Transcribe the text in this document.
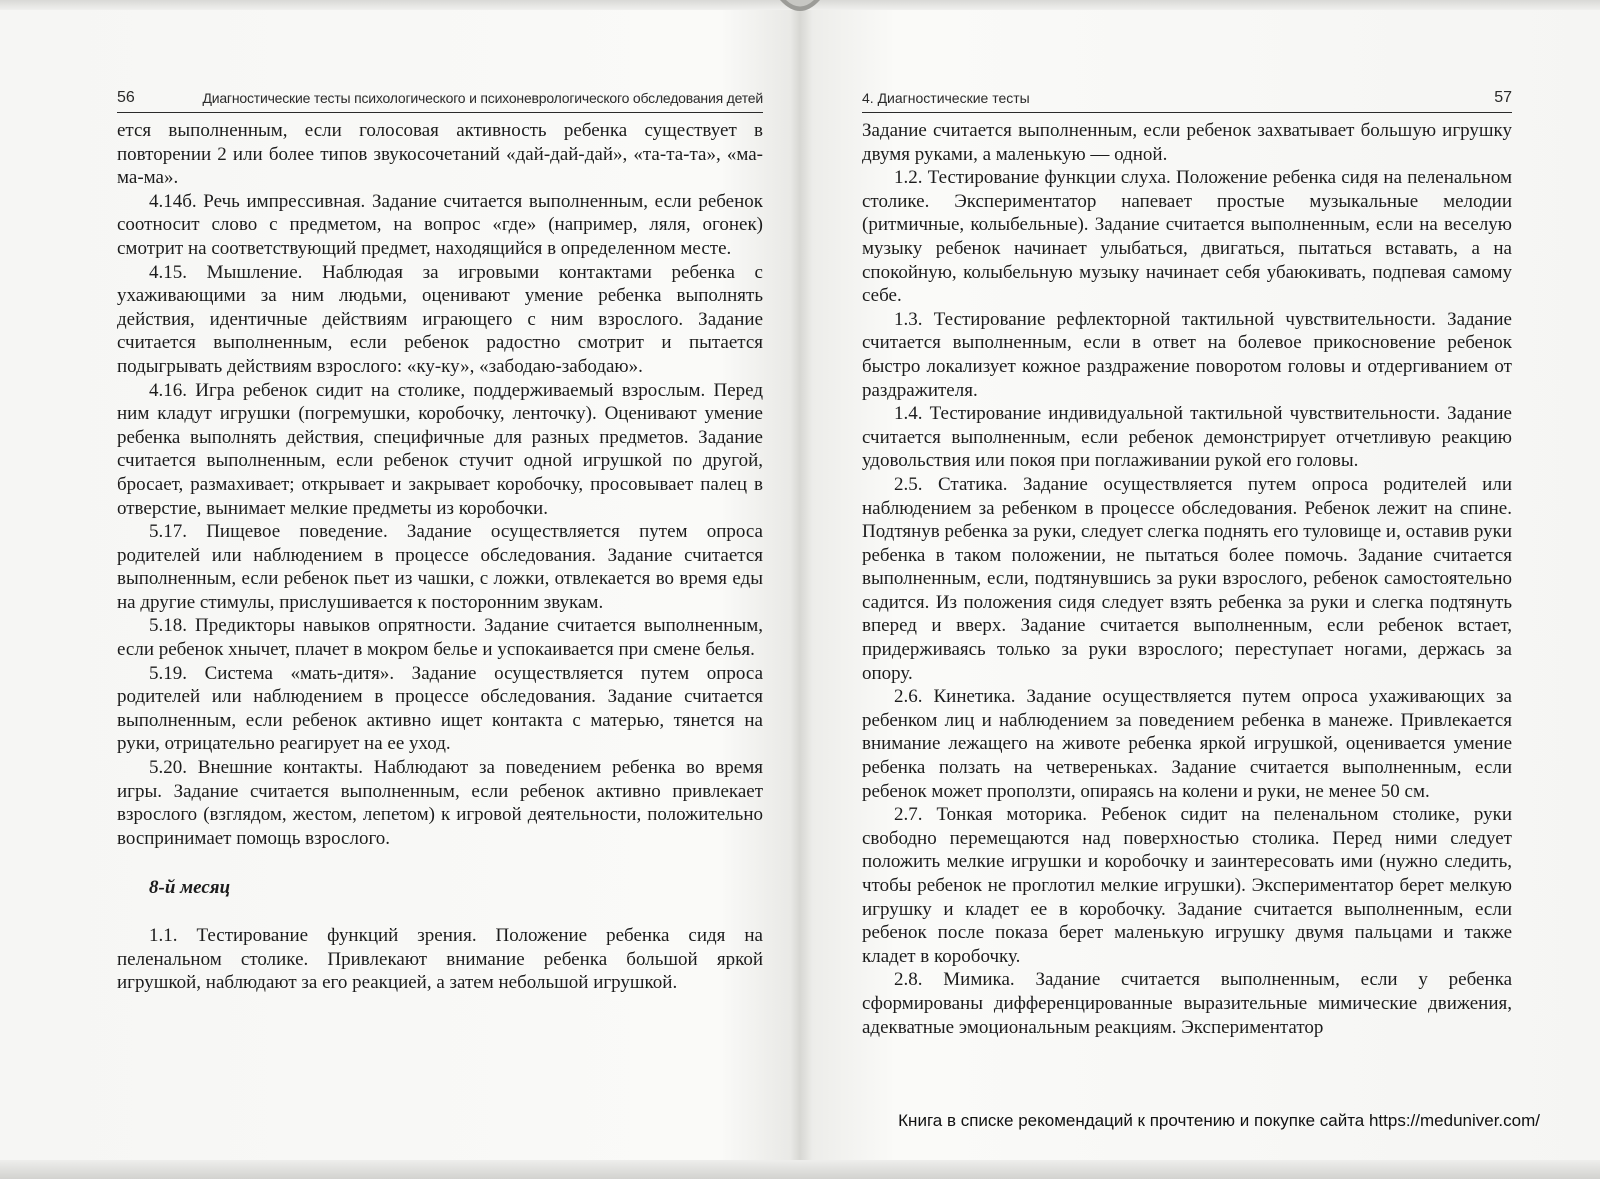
56	Диагностические тесты психологического и психоневрологического обследования детей

ется выполненным, если голосовая активность ребенка существует в повторении 2 или более типов звукосочетаний «дай-дай-дай», «та-та-та», «ма-ма-ма».

4.14б. Речь импрессивная. Задание считается выполненным, если ребенок соотносит слово с предметом, на вопрос «где» (например, ляля, огонек) смотрит на соответствующий предмет, находящийся в определенном месте.

4.15. Мышление. Наблюдая за игровыми контактами ребенка с ухаживающими за ним людьми, оценивают умение ребенка выполнять действия, идентичные действиям играющего с ним взрослого. Задание считается выполненным, если ребенок радостно смотрит и пытается подыгрывать действиям взрослого: «ку-ку», «забодаю-забодаю».

4.16. Игра ребенок сидит на столике, поддерживаемый взрослым. Перед ним кладут игрушки (погремушки, коробочку, ленточку). Оценивают умение ребенка выполнять действия, специфичные для разных предметов. Задание считается выполненным, если ребенок стучит одной игрушкой по другой, бросает, размахивает; открывает и закрывает коробочку, просовывает палец в отверстие, вынимает мелкие предметы из коробочки.

5.17. Пищевое поведение. Задание осуществляется путем опроса родителей или наблюдением в процессе обследования. Задание считается выполненным, если ребенок пьет из чашки, с ложки, отвлекается во время еды на другие стимулы, прислушивается к посторонним звукам.

5.18. Предикторы навыков опрятности. Задание считается выполненным, если ребенок хнычет, плачет в мокром белье и успокаивается при смене белья.

5.19. Система «мать-дитя». Задание осуществляется путем опроса родителей или наблюдением в процессе обследования. Задание считается выполненным, если ребенок активно ищет контакта с матерью, тянется на руки, отрицательно реагирует на ее уход.

5.20. Внешние контакты. Наблюдают за поведением ребенка во время игры. Задание считается выполненным, если ребенок активно привлекает взрослого (взглядом, жестом, лепетом) к игровой деятельности, положительно воспринимает помощь взрослого.

8-й месяц

1.1. Тестирование функций зрения. Положение ребенка сидя на пеленальном столике. Привлекают внимание ребенка большой яркой игрушкой, наблюдают за его реакцией, а затем небольшой игрушкой.

4. Диагностические тесты	57

Задание считается выполненным, если ребенок захватывает большую игрушку двумя руками, а маленькую — одной.

1.2. Тестирование функции слуха. Положение ребенка сидя на пеленальном столике. Экспериментатор напевает простые музыкальные мелодии (ритмичные, колыбельные). Задание считается выполненным, если на веселую музыку ребенок начинает улыбаться, двигаться, пытаться вставать, а на спокойную, колыбельную музыку начинает себя убаюкивать, подпевая самому себе.

1.3. Тестирование рефлекторной тактильной чувствительности. Задание считается выполненным, если в ответ на болевое прикосновение ребенок быстро локализует кожное раздражение поворотом головы и отдергиванием от раздражителя.

1.4. Тестирование индивидуальной тактильной чувствительности. Задание считается выполненным, если ребенок демонстрирует отчетливую реакцию удовольствия или покоя при поглаживании рукой его головы.

2.5. Статика. Задание осуществляется путем опроса родителей или наблюдением за ребенком в процессе обследования. Ребенок лежит на спине. Подтянув ребенка за руки, следует слегка поднять его туловище и, оставив руки ребенка в таком положении, не пытаться более помочь. Задание считается выполненным, если, подтянувшись за руки взрослого, ребенок самостоятельно садится. Из положения сидя следует взять ребенка за руки и слегка подтянуть вперед и вверх. Задание считается выполненным, если ребенок встает, придерживаясь только за руки взрослого; переступает ногами, держась за опору.

2.6. Кинетика. Задание осуществляется путем опроса ухаживающих за ребенком лиц и наблюдением за поведением ребенка в манеже. Привлекается внимание лежащего на животе ребенка яркой игрушкой, оценивается умение ребенка ползать на четвереньках. Задание считается выполненным, если ребенок может проползти, опираясь на колени и руки, не менее 50 см.

2.7. Тонкая моторика. Ребенок сидит на пеленальном столике, руки свободно перемещаются над поверхностью столика. Перед ними следует положить мелкие игрушки и коробочку и заинтересовать ими (нужно следить, чтобы ребенок не проглотил мелкие игрушки). Экспериментатор берет мелкую игрушку и кладет ее в коробочку. Задание считается выполненным, если ребенок после показа берет маленькую игрушку двумя пальцами и также кладет в коробочку.

2.8. Мимика. Задание считается выполненным, если у ребенка сформированы дифференцированные выразительные мимические движения, адекватные эмоциональным реакциям. Экспериментатор

Книга в списке рекомендаций к прочтению и покупке сайта https://meduniver.com/
